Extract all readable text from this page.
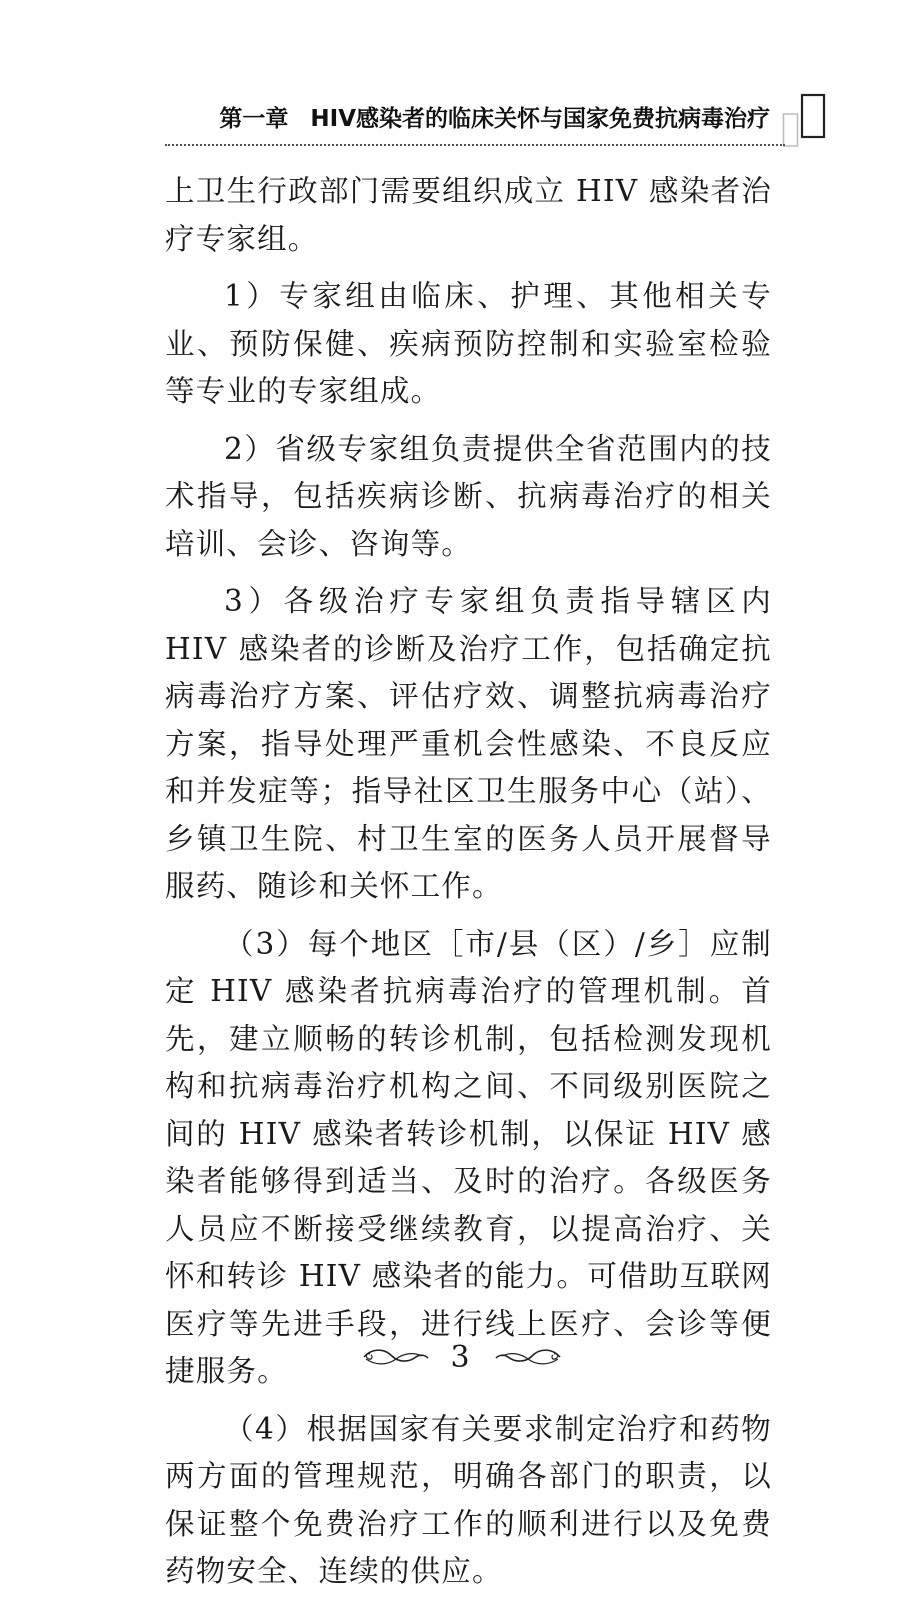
第一章 HIV感染者的临床关怀与国家免费抗病毒治疗

上卫生行政部门需要组织成立 HIV 感染者治疗专家组。

1）专家组由临床、护理、其他相关专业、预防保健、疾病预防控制和实验室检验等专业的专家组成。

2）省级专家组负责提供全省范围内的技术指导，包括疾病诊断、抗病毒治疗的相关培训、会诊、咨询等。

3）各级治疗专家组负责指导辖区内 HIV 感染者的诊断及治疗工作，包括确定抗病毒治疗方案、评估疗效、调整抗病毒治疗方案，指导处理严重机会性感染、不良反应和并发症等；指导社区卫生服务中心（站）、乡镇卫生院、村卫生室的医务人员开展督导服药、随诊和关怀工作。

（3）每个地区［市/县（区）/乡］应制定 HIV 感染者抗病毒治疗的管理机制。首先，建立顺畅的转诊机制，包括检测发现机构和抗病毒治疗机构之间、不同级别医院之间的 HIV 感染者转诊机制，以保证 HIV 感染者能够得到适当、及时的治疗。各级医务人员应不断接受继续教育，以提高治疗、关怀和转诊 HIV 感染者的能力。可借助互联网医疗等先进手段，进行线上医疗、会诊等便捷服务。

（4）根据国家有关要求制定治疗和药物两方面的管理规范，明确各部门的职责，以保证整个免费治疗工作的顺利进行以及免费药物安全、连续的供应。

3
